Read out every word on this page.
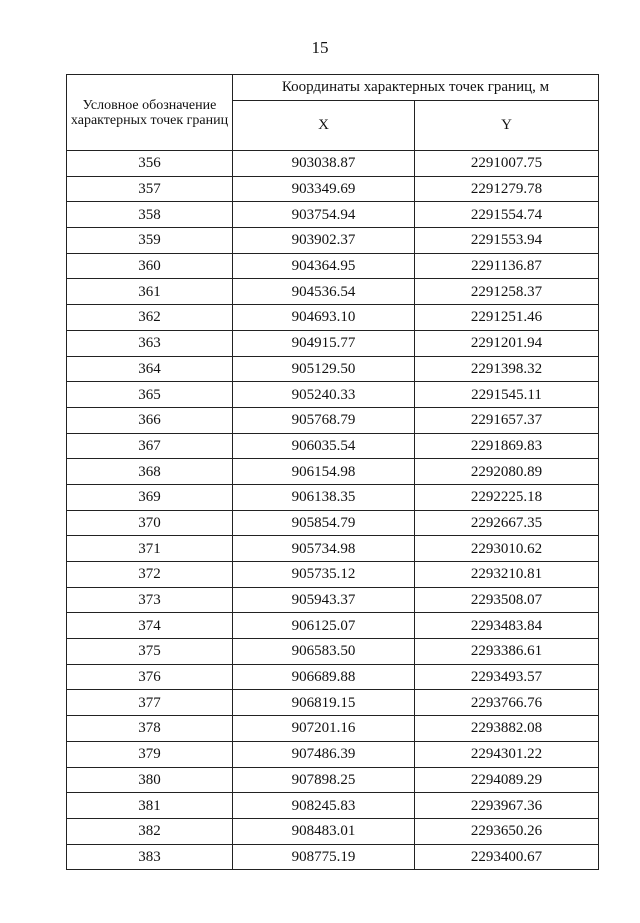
15
Условное обозначение характерных точек границ	Координаты характерных точек границ, м	
	X	Y
356	903038.87	2291007.75
357	903349.69	2291279.78
358	903754.94	2291554.74
359	903902.37	2291553.94
360	904364.95	2291136.87
361	904536.54	2291258.37
362	904693.10	2291251.46
363	904915.77	2291201.94
364	905129.50	2291398.32
365	905240.33	2291545.11
366	905768.79	2291657.37
367	906035.54	2291869.83
368	906154.98	2292080.89
369	906138.35	2292225.18
370	905854.79	2292667.35
371	905734.98	2293010.62
372	905735.12	2293210.81
373	905943.37	2293508.07
374	906125.07	2293483.84
375	906583.50	2293386.61
376	906689.88	2293493.57
377	906819.15	2293766.76
378	907201.16	2293882.08
379	907486.39	2294301.22
380	907898.25	2294089.29
381	908245.83	2293967.36
382	908483.01	2293650.26
383	908775.19	2293400.67
